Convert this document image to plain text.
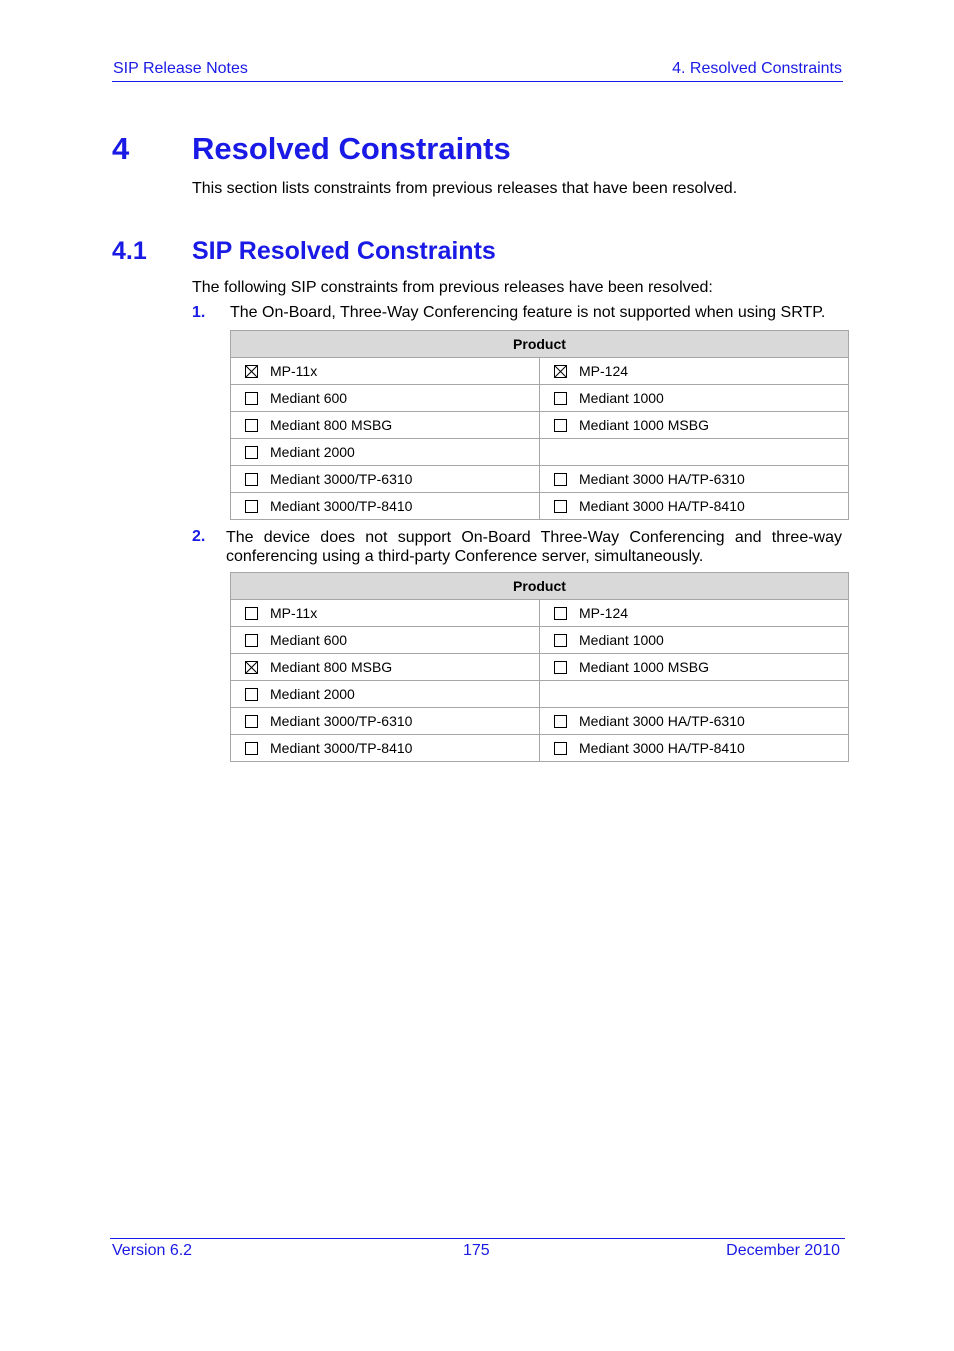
SIP Release Notes	4. Resolved Constraints
4 Resolved Constraints
This section lists constraints from previous releases that have been resolved.
4.1 SIP Resolved Constraints
The following SIP constraints from previous releases have been resolved:
1. The On-Board, Three-Way Conferencing feature is not supported when using SRTP.
Product	

MP-11x	MP-124

Mediant 600	Mediant 1000

Mediant 800 MSBG	Mediant 1000 MSBG

Mediant 2000	

Mediant 3000/TP-6310	Mediant 3000 HA/TP-6310

Mediant 3000/TP-8410	Mediant 3000 HA/TP-8410
2. The device does not support On-Board Three-Way Conferencing and three-way conferencing using a third-party Conference server, simultaneously.
Product	

MP-11x	MP-124

Mediant 600	Mediant 1000

Mediant 800 MSBG	Mediant 1000 MSBG

Mediant 2000	

Mediant 3000/TP-6310	Mediant 3000 HA/TP-6310

Mediant 3000/TP-8410	Mediant 3000 HA/TP-8410
Version 6.2	175	December 2010
